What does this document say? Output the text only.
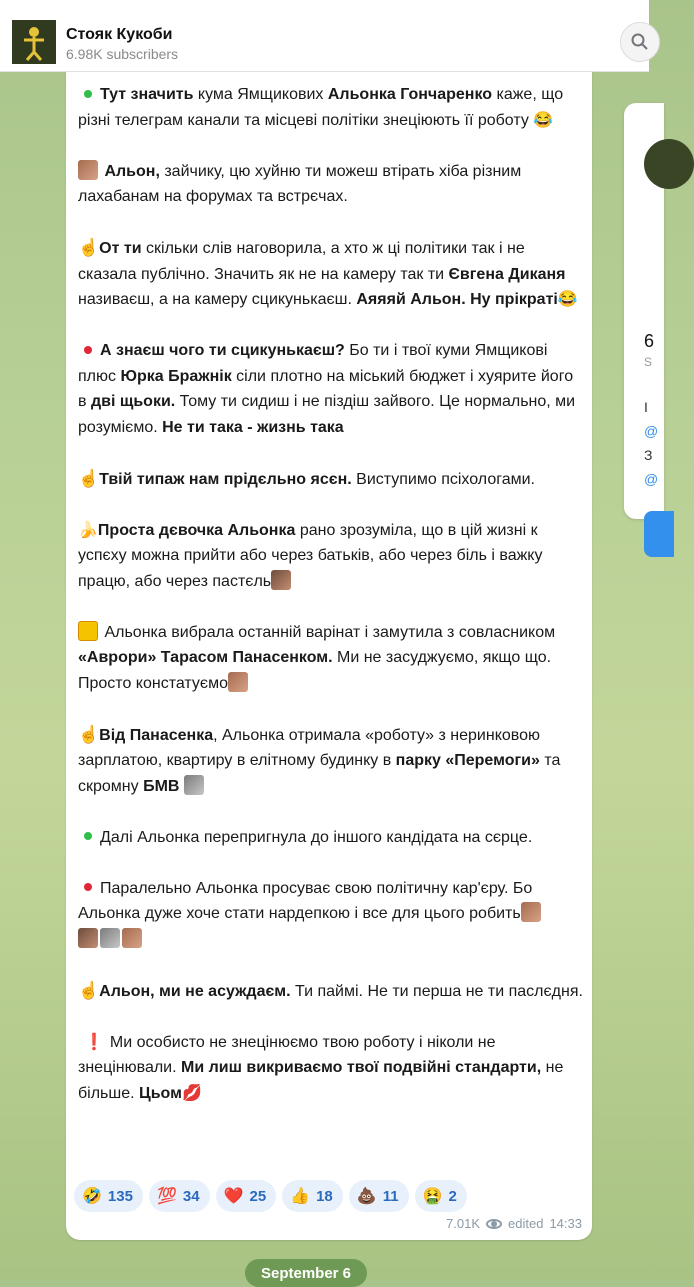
Стояк Кукоби
6.98K subscribers
6
S
I
@
З
@
Тут значить кума Ямщикових Альонка Гончаренко каже, що різні телеграм канали та місцеві політіки знеціюють її роботу 😂
Альон, зайчику, цю хуйню ти можеш втірать хіба різним лахабанам на форумах та встрєчах.
☝️От ти скільки слів наговорила, а хто ж ці політики так і не сказала публічно. Значить як не на камеру так ти Євгена Диканя називаєш, а на камеру сцикунькаєш. Аяяяй Альон. Ну прікраті😂
А знаєш чого ти сцикунькаєш? Бо ти і твої куми Ямщикові плюс Юрка Бражнік сіли плотно на міський бюджет і хуярите його в дві щьоки. Тому ти сидиш і не піздіш зайвого. Це нормально, ми розуміємо. Не ти така - жизнь така
☝️Твій типаж нам прідєльно ясєн. Виступимо псіхологами.
🍌Проста дєвочка Альонка рано зрозуміла, що в цій жизні к успєху можна прийти або через батьків, або через біль і важку працю, або через пастєль
Альонка вибрала останній варінат і замутила з совласником «Аврори» Тарасом Панасенком. Ми не засуджуємо, якщо що. Просто констатуємо
☝️Від Панасенка, Альонка отримала «роботу» з неринковою зарплатою, квартиру в елітному будинку в парку «Перемоги» та скромну БМВ
Далі Альонка перепригнула до іншого кандідата на сєрце.
Паралельно Альонка просуває свою політичну кар'єру. Бо Альонка дуже хоче стати нардепкою і все для цього робить

☝️Альон, ми не асуждаєм. Ти паймі. Не ти перша не ти паслєдня.
❗ Ми особисто не знецінюємо твою роботу і ніколи не знецінювали. Ми лиш викриваємо твої подвійні стандарти, не більше. Цьом💋
🤣 135 💯 34 ❤️ 25 👍 18 💩 11 🤮 2
7.01K edited 14:33
September 6
